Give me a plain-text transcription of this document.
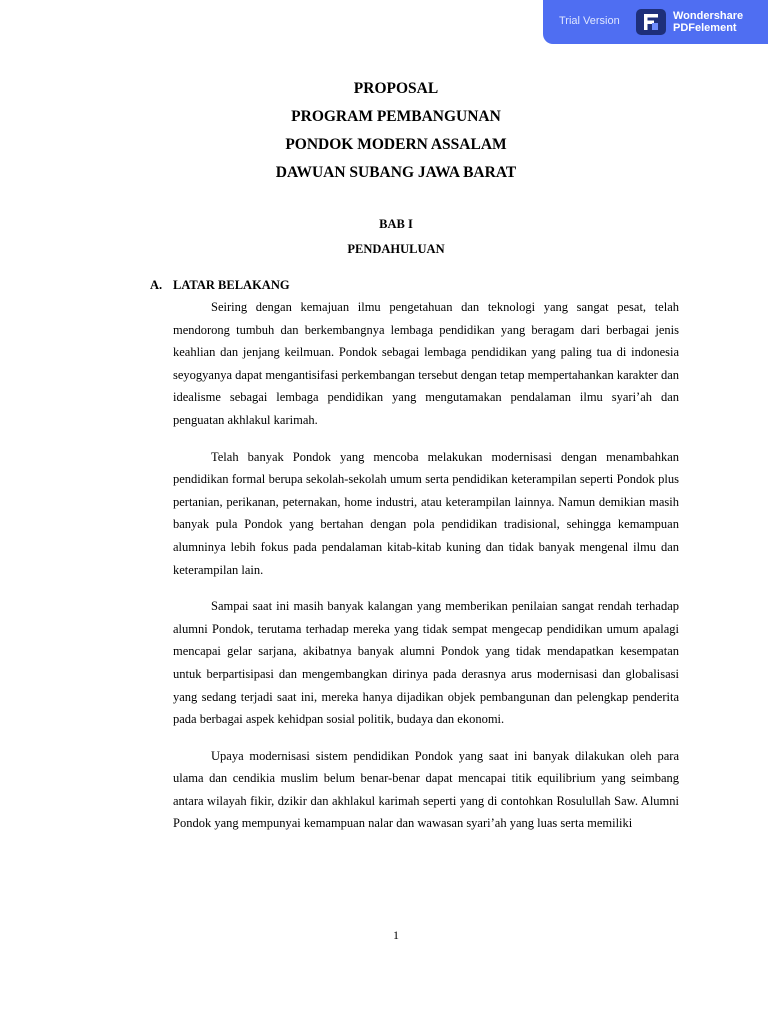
Trial Version	Wondershare
PDFelement
PROPOSAL
PROGRAM PEMBANGUNAN
PONDOK MODERN ASSALAM
DAWUAN SUBANG JAWA BARAT
BAB I
PENDAHULUAN
A. LATAR BELAKANG

Seiring dengan kemajuan ilmu pengetahuan dan teknologi yang sangat pesat, telah mendorong tumbuh dan berkembangnya lembaga pendidikan yang beragam dari berbagai jenis keahlian dan jenjang keilmuan. Pondok sebagai lembaga pendidikan yang paling tua di indonesia seyogyanya dapat mengantisifasi perkembangan tersebut dengan tetap mempertahankan karakter dan idealisme sebagai lembaga pendidikan yang mengutamakan pendalaman ilmu syari’ah dan penguatan akhlakul karimah.

Telah banyak Pondok yang mencoba melakukan modernisasi dengan menambahkan pendidikan formal berupa sekolah-sekolah umum serta pendidikan keterampilan seperti Pondok plus pertanian, perikanan, peternakan, home industri, atau keterampilan lainnya. Namun demikian masih banyak pula Pondok yang bertahan dengan pola pendidikan tradisional, sehingga kemampuan alumninya lebih fokus pada pendalaman kitab-kitab kuning dan tidak banyak mengenal ilmu dan keterampilan lain.

Sampai saat ini masih banyak kalangan yang memberikan penilaian sangat rendah terhadap alumni Pondok, terutama terhadap mereka yang tidak sempat mengecap pendidikan umum apalagi mencapai gelar sarjana, akibatnya banyak alumni Pondok yang tidak mendapatkan kesempatan untuk berpartisipasi dan mengembangkan dirinya pada derasnya arus modernisasi dan globalisasi yang sedang terjadi saat ini, mereka hanya dijadikan objek pembangunan dan pelengkap penderita pada berbagai aspek kehidpan sosial politik, budaya dan ekonomi.

Upaya modernisasi sistem pendidikan Pondok yang saat ini banyak dilakukan oleh para ulama dan cendikia muslim belum benar-benar dapat mencapai titik equilibrium yang seimbang antara wilayah fikir, dzikir dan akhlakul karimah seperti yang di contohkan Rosulullah Saw. Alumni Pondok yang mempunyai kemampuan nalar dan wawasan syari’ah yang luas serta memiliki

1
